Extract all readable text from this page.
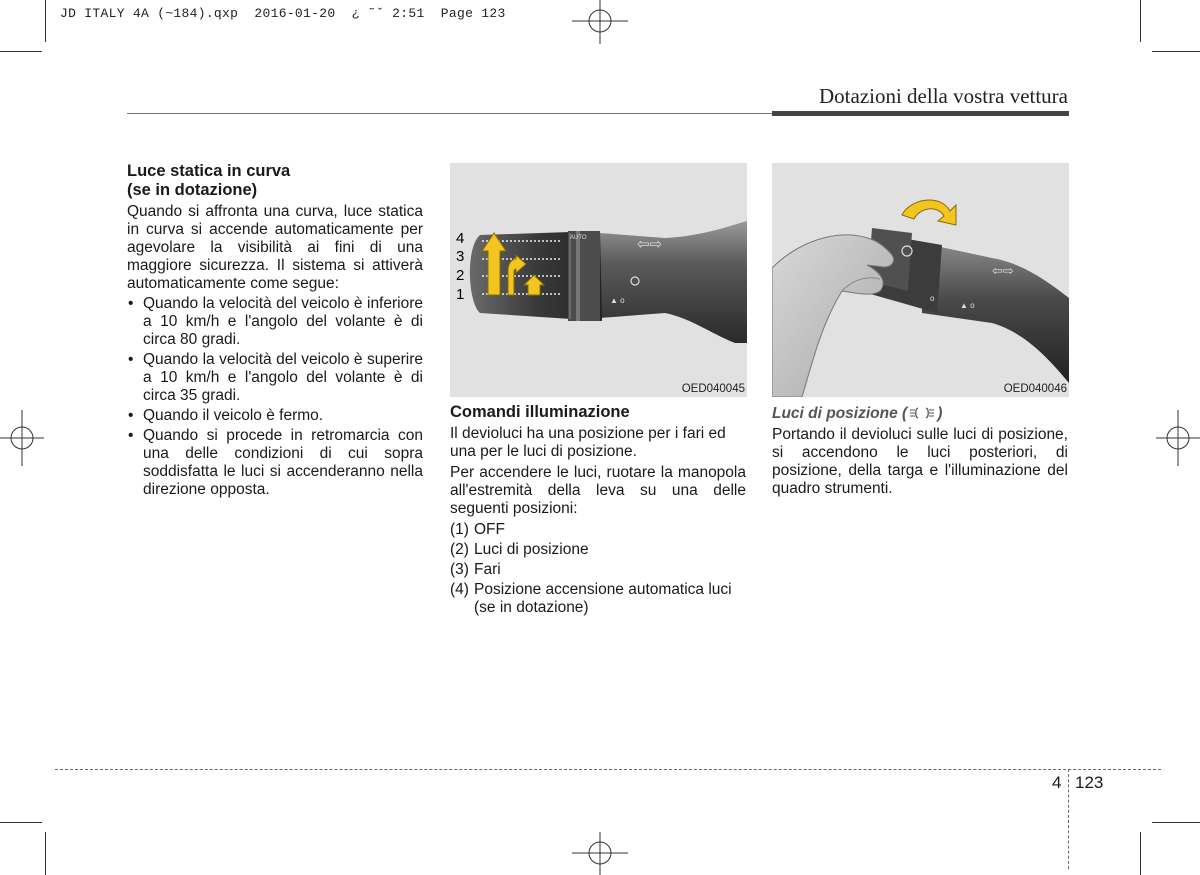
JD ITALY 4A (~184).qxp  2016-01-20  ¿ ˜ˇ 2:51  Page 123
Dotazioni della vostra vettura
Luce statica in curva
(se in dotazione)

Quando si affronta una curva, luce statica in curva si accende automaticamente per agevolare la visibilità ai fini di una maggiore sicurezza. Il sistema si attiverà automaticamente come segue:

• Quando la velocità del veicolo è inferiore a 10 km/h e l'angolo del volante è di circa 80 gradi.
• Quando la velocità del veicolo è superire a 10 km/h e l'angolo del volante è di circa 35 gradi.
• Quando il veicolo è fermo.
• Quando si procede in retromarcia con una delle condizioni di cui sopra soddisfatta le luci si accenderanno nella direzione opposta.
AUTO	⇦⇨
▲ o
4
3
2
1
OED040045
Comandi illuminazione

Il devioluci ha una posizione per i fari ed una per le luci di posizione.

Per accendere le luci, ruotare la manopola all'estremità della leva su una delle seguenti posizioni:

(1) OFF
(2) Luci di posizione
(3) Fari
(4) Posizione accensione automatica luci (se in dotazione)
⇦⇨
o
▲ o
OED040046
Luci di posizione ( )

Portando il devioluci sulle luci di posizione, si accendono le luci posteriori, di posizione, della targa e l'illuminazione del quadro strumenti.

4 123
